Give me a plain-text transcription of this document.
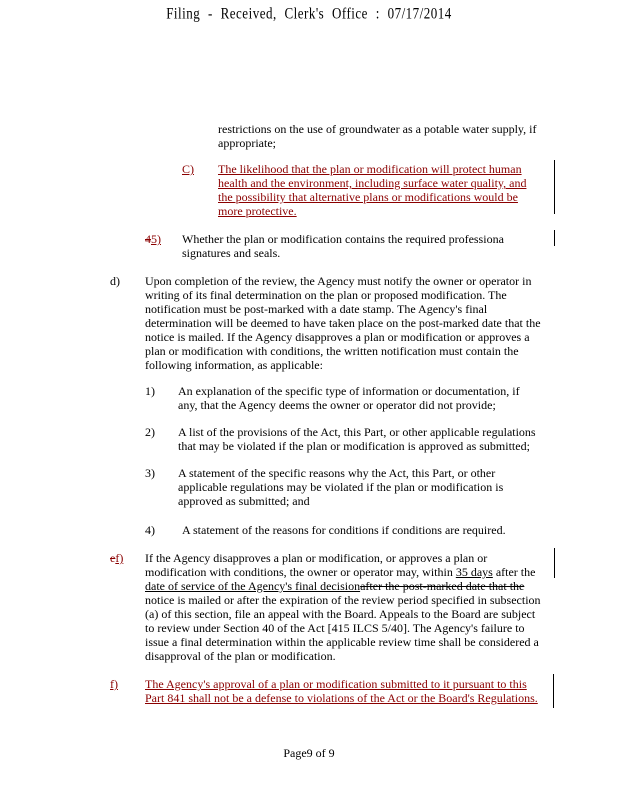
Filing - Received, Clerk's Office : 07/17/2014
restrictions on the use of groundwater as a potable water supply, if
appropriate;
C) The likelihood that the plan or modification will protect human
health and the environment, including surface water quality, and
the possibility that alternative plans or modifications would be
more protective.
45) Whether the plan or modification contains the required professiona
signatures and seals.
d) Upon completion of the review, the Agency must notify the owner or operator in
writing of its final determination on the plan or proposed modification. The
notification must be post-marked with a date stamp. The Agency's final
determination will be deemed to have taken place on the post-marked date that the
notice is mailed. If the Agency disapproves a plan or modification or approves a
plan or modification with conditions, the written notification must contain the
following information, as applicable:
1) An explanation of the specific type of information or documentation, if
any, that the Agency deems the owner or operator did not provide;
2) A list of the provisions of the Act, this Part, or other applicable regulations
that may be violated if the plan or modification is approved as submitted;
3) A statement of the specific reasons why the Act, this Part, or other
applicable regulations may be violated if the plan or modification is
approved as submitted; and
4) A statement of the reasons for conditions if conditions are required.
ef) If the Agency disapproves a plan or modification, or approves a plan or
modification with conditions, the owner or operator may, within 35 days after the
date of service of the Agency's final decisionafter the post-marked date that the
notice is mailed or after the expiration of the review period specified in subsection
(a) of this section, file an appeal with the Board. Appeals to the Board are subject
to review under Section 40 of the Act [415 ILCS 5/40]. The Agency's failure to
issue a final determination within the applicable review time shall be considered a
disapproval of the plan or modification.
f) The Agency's approval of a plan or modification submitted to it pursuant to this
Part 841 shall not be a defense to violations of the Act or the Board's Regulations.
Page9 of 9
